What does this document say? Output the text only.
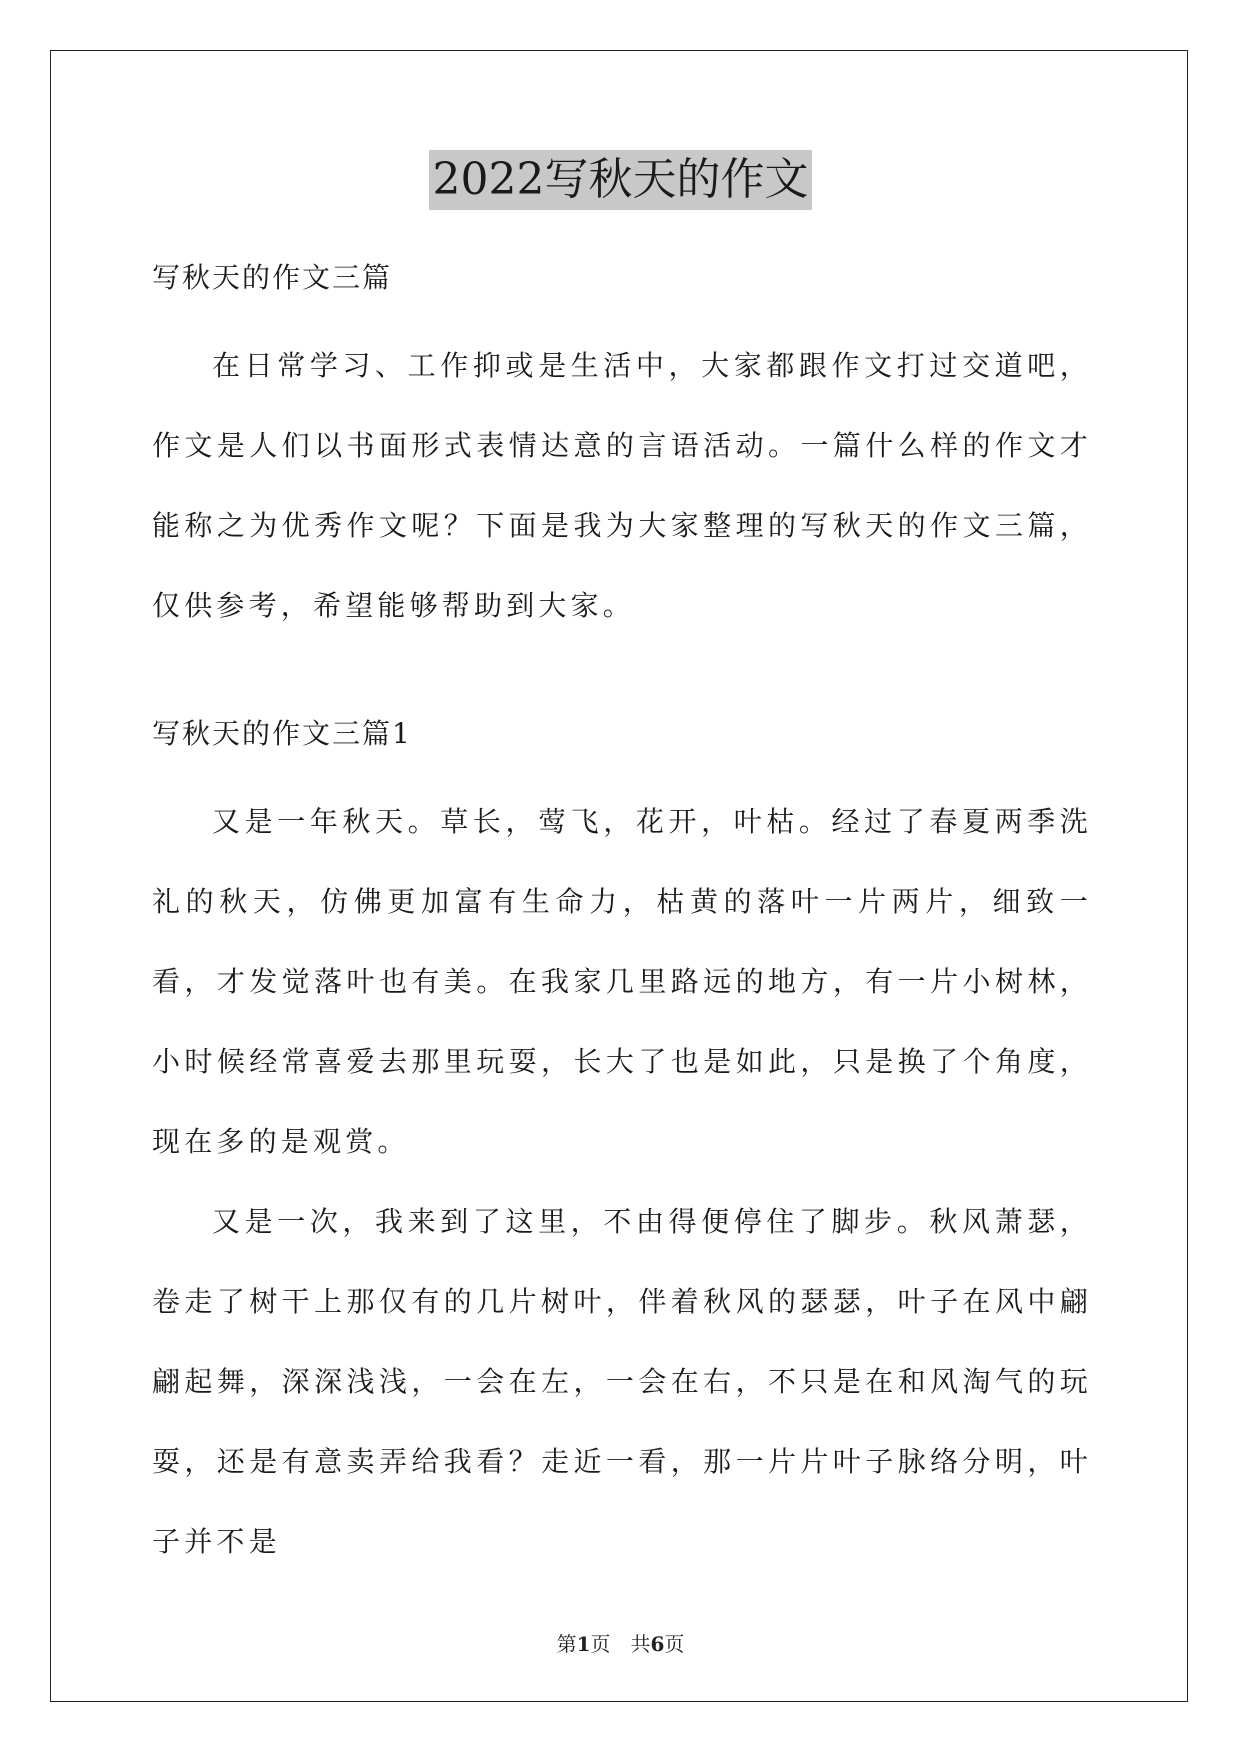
2022写秋天的作文

写秋天的作文三篇

在日常学习、工作抑或是生活中，大家都跟作文打过交道吧，作文是人们以书面形式表情达意的言语活动。一篇什么样的作文才能称之为优秀作文呢？下面是我为大家整理的写秋天的作文三篇，仅供参考，希望能够帮助到大家。

写秋天的作文三篇1

又是一年秋天。草长，莺飞，花开，叶枯。经过了春夏两季洗礼的秋天，仿佛更加富有生命力，枯黄的落叶一片两片，细致一看，才发觉落叶也有美。在我家几里路远的地方，有一片小树林，小时候经常喜爱去那里玩耍，长大了也是如此，只是换了个角度，现在多的是观赏。

又是一次，我来到了这里，不由得便停住了脚步。秋风萧瑟，卷走了树干上那仅有的几片树叶，伴着秋风的瑟瑟，叶子在风中翩翩起舞，深深浅浅，一会在左，一会在右，不只是在和风淘气的玩耍，还是有意卖弄给我看？走近一看，那一片片叶子脉络分明，叶子并不是

第1页　共6页
